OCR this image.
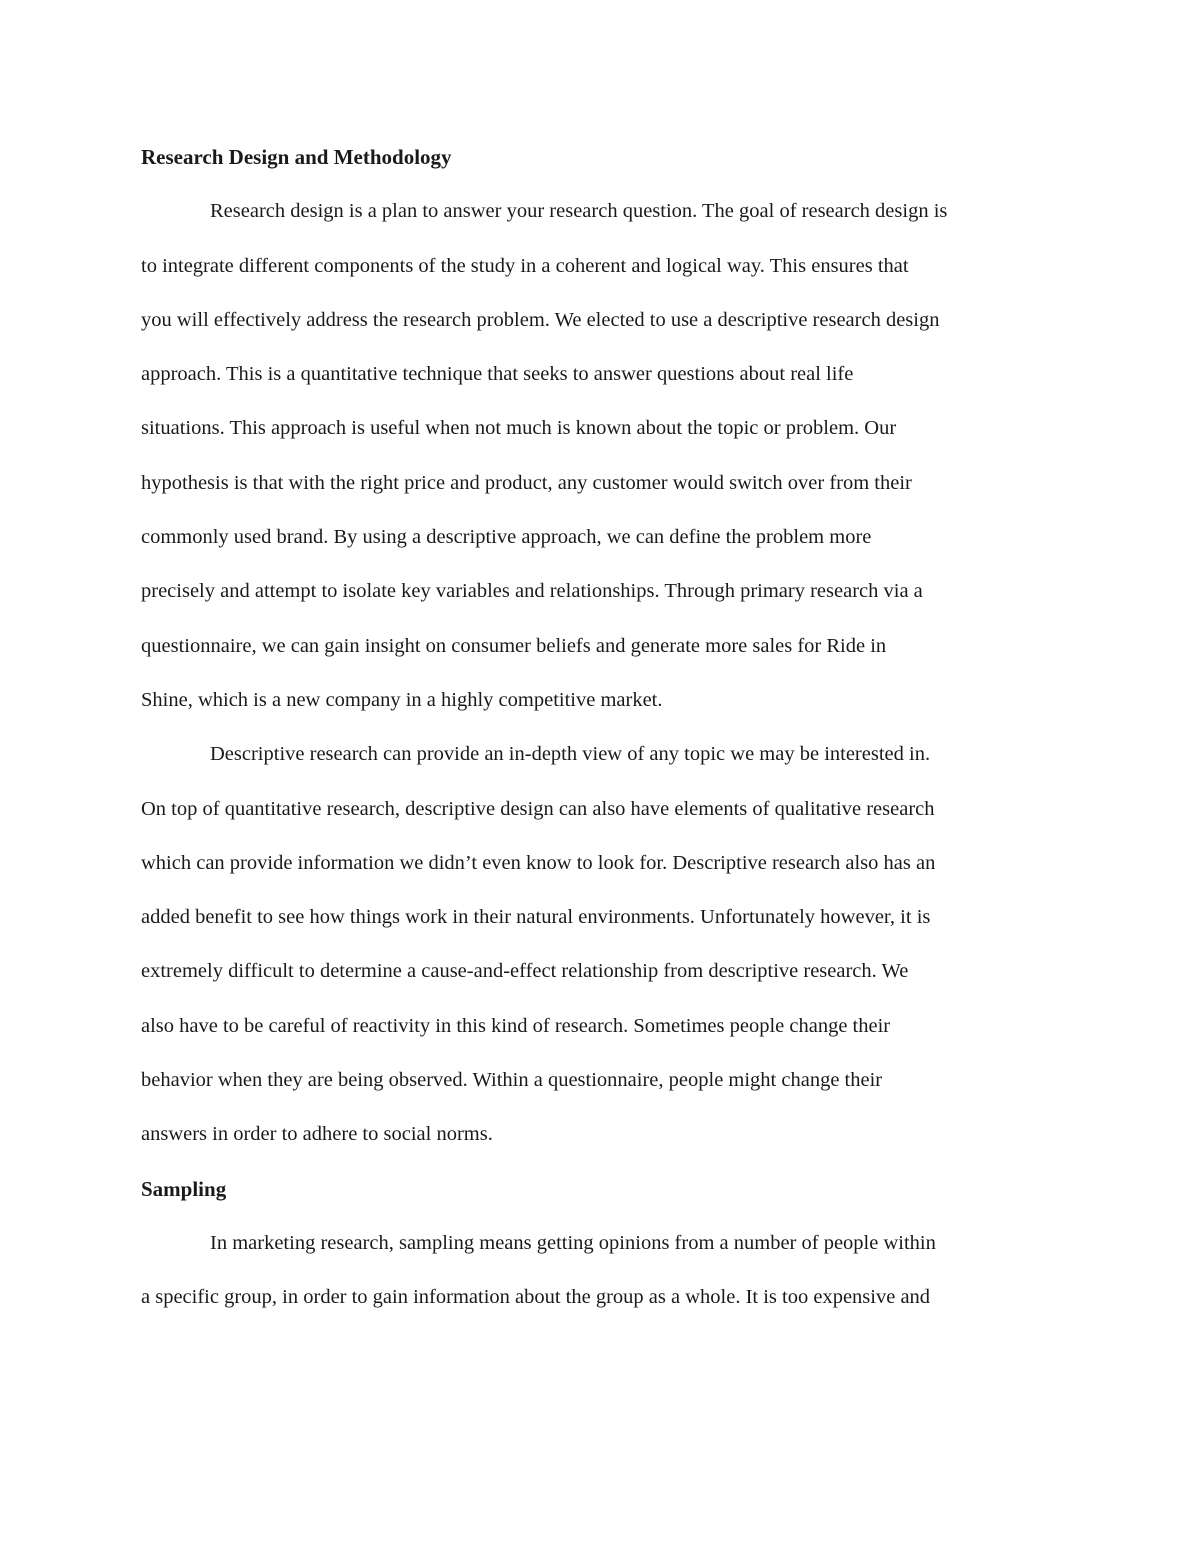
Research Design and Methodology
Research design is a plan to answer your research question. The goal of research design is
to integrate different components of the study in a coherent and logical way. This ensures that
you will effectively address the research problem. We elected to use a descriptive research design
approach. This is a quantitative technique that seeks to answer questions about real life
situations. This approach is useful when not much is known about the topic or problem. Our
hypothesis is that with the right price and product, any customer would switch over from their
commonly used brand. By using a descriptive approach, we can define the problem more
precisely and attempt to isolate key variables and relationships. Through primary research via a
questionnaire, we can gain insight on consumer beliefs and generate more sales for Ride in
Shine, which is a new company in a highly competitive market.
Descriptive research can provide an in-depth view of any topic we may be interested in.
On top of quantitative research, descriptive design can also have elements of qualitative research
which can provide information we didn’t even know to look for. Descriptive research also has an
added benefit to see how things work in their natural environments. Unfortunately however, it is
extremely difficult to determine a cause-and-effect relationship from descriptive research. We
also have to be careful of reactivity in this kind of research. Sometimes people change their
behavior when they are being observed. Within a questionnaire, people might change their
answers in order to adhere to social norms.
Sampling
In marketing research, sampling means getting opinions from a number of people within
a specific group, in order to gain information about the group as a whole. It is too expensive and
